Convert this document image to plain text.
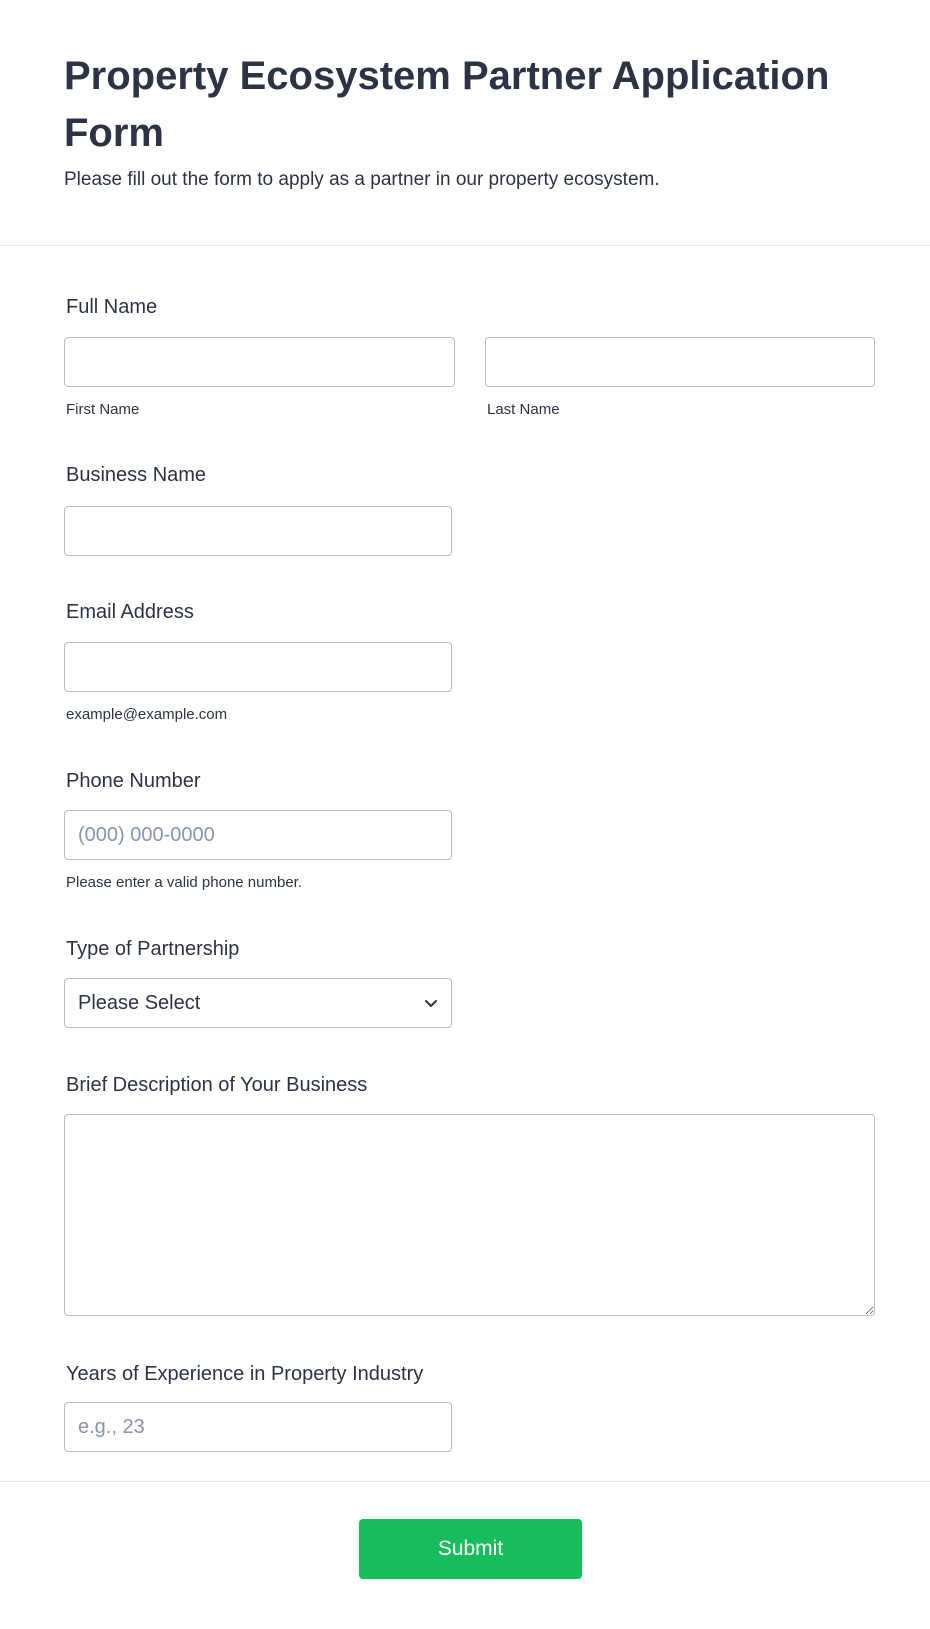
Property Ecosystem Partner Application Form

Please fill out the form to apply as a partner in our property ecosystem.

Full Name
First Name	Last Name
Business Name
Email Address
example@example.com
Phone Number
(000) 000-0000
Please enter a valid phone number.
Type of Partnership
Please Select
Brief Description of Your Business
Years of Experience in Property Industry
e.g., 23
Submit
